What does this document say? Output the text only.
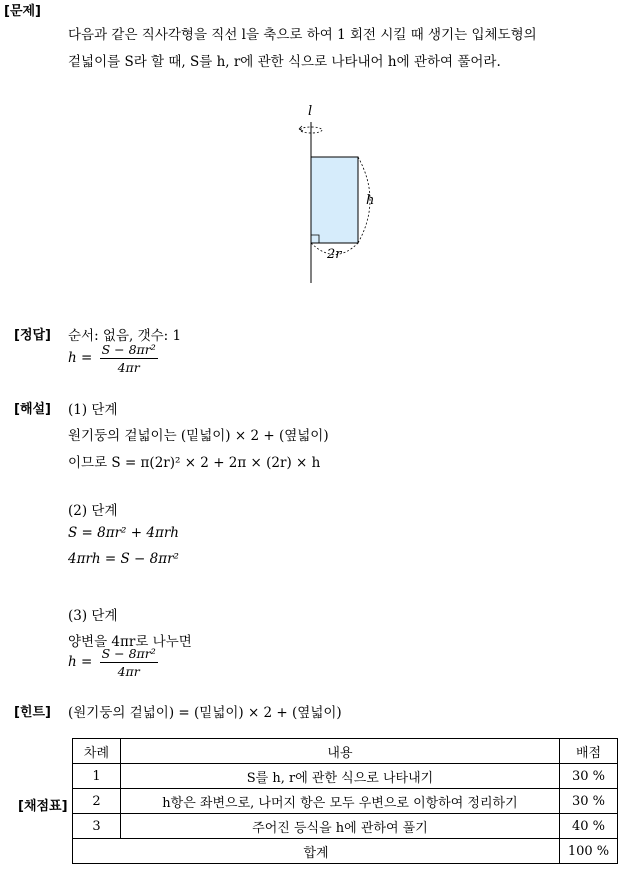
[문제]
다음과 같은 직사각형을 직선 l을 축으로 하여 1 회전 시킬 때 생기는 입체도형의
겉넓이를 S라 할 때, S를 h, r에 관한 식으로 나타내어 h에 관하여 풀어라.
l
h
2r
[정답] 순서: 없음, 갯수: 1
$h = \frac{\text{S − 8πr²}}{4\pi r}$
[해설] (1) 단계
원기둥의 겉넓이는 (밑넓이) × 2 + (옆넓이)
이므로 S = π(2r)² × 2 + 2π × (2r) × h
(2) 단계
S = 8πr² + 4πrh
4πrh = S − 8πr²
(3) 단계
양변을 4πr로 나누면
$h = \frac{\text{S − 8πr²}}{4\pi r}$
[힌트] (원기둥의 겉넓이) = (밑넓이) × 2 + (옆넓이)
[채점표]
차례	내용	배점
1	S를 h, r에 관한 식으로 나타내기	30 %
2	h항은 좌변으로, 나머지 항은 모두 우변으로 이항하여 정리하기	30 %
3	주어진 등식을 h에 관하여 풀기	40 %
합계		100 %
